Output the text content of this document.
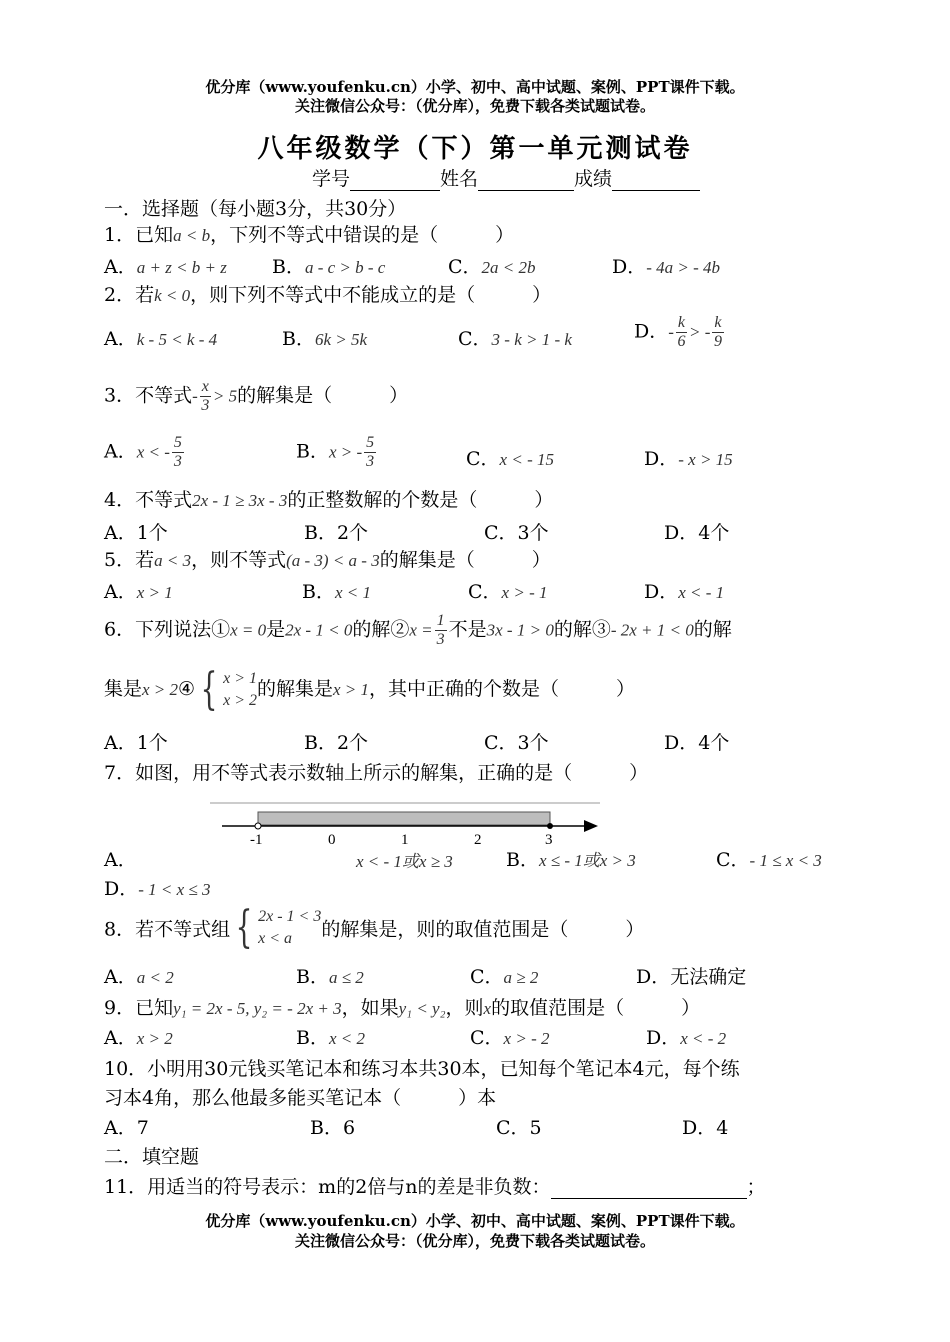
优分库（www.youfenku.cn）小学、初中、高中试题、案例、PPT课件下载。
关注微信公众号：（优分库），免费下载各类试题试卷。
八年级数学（下）第一单元测试卷
学号	姓名	成绩
一．选择题（每小题3分，共30分）
1．已知a < b，下列不等式中错误的是（　　　）
A．a + z < b + z B．a - c > b - c	C．2a < 2b	D．- 4a > - 4b
2．若k < 0，则下列不等式中不能成立的是（　　　）
A．k - 5 < k - 4	B．6k > 5k	C．3 - k > 1 - k	D．- $\frac{k}{6}$ > - $\frac{k}{9}$
3．不等式- $\frac{x}{3} > 5$的解集是（　　　）
A．x < - $\frac{5}{3}$	B．x > - $\frac{5}{3}$	C．x < - 15	D．- x > 15
4．不等式2x - 1 ≥ 3x - 3的正整数解的个数是（　　　）
A．1个	B．2个	C．3个	D．4个
5．若a < 3，则不等式(a - 3) < a - 3的解集是（　　　）
A．x > 1	B．x < 1	C．x > - 1	D．x < - 1
6．下列说法①x = 0是2x - 1 < 0的解②x = $\frac{1}{3}$ 不是3x - 1 > 0的解③- 2x + 1 < 0的解
集是x > 2④ { x > 1
x > 2
的解集是x > 1，其中正确的个数是（　　　）
A．1个	B．2个	C．3个	D．4个
7．如图，用不等式表示数轴上所示的解集，正确的是（　　　）
-1	0	1	2	3
A．	x < - 1或x ≥ 3	B．x ≤ - 1或x > 3	C．- 1 ≤ x < 3
D．- 1 < x ≤ 3
8．若不等式组 { 2x - 1 < 3
x < a	的解集是，则的取值范围是（　　　）
A．a < 2	B．a ≤ 2	C．a ≥ 2	D．无法确定
9．已知y₁ = 2x - 5, y₂ = - 2x + 3，如果y₁ < y₂，则x的取值范围是（　　　）
A．x > 2	B．x < 2	C．x > - 2	D．x < - 2
10．小明用30元钱买笔记本和练习本共30本，已知每个笔记本4元，每个练
习本4角，那么他最多能买笔记本（　　　）本
A．7	B．6	C．5	D．4
二．填空题
11．用适当的符号表示：m的2倍与n的差是非负数：	；
优分库（www.youfenku.cn）小学、初中、高中试题、案例、PPT课件下载。
关注微信公众号：（优分库），免费下载各类试题试卷。
